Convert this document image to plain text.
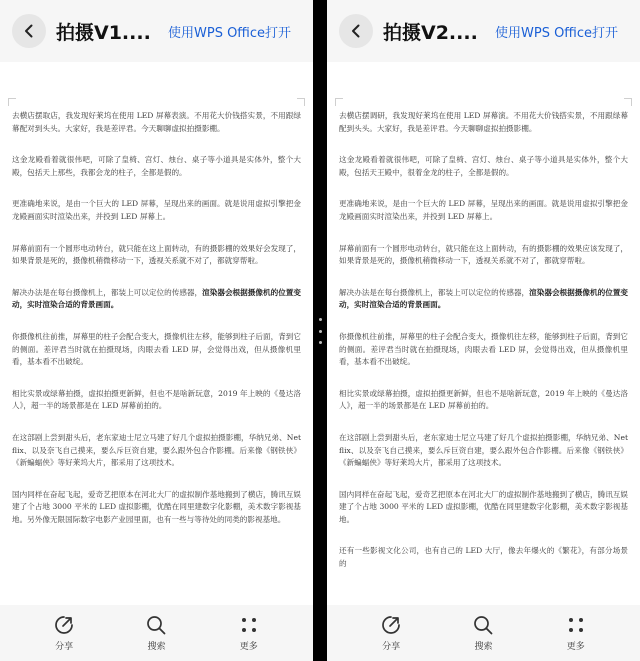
拍摄V1.... 使用WPS Office打开

去横店摆取店，我发现好莱坞在使用 LED 屏幕表演。不用花大价钱搭实景，不用跟绿幕配对到头头。大家好，我是差评君。今天聊聊虚拟拍摄影棚。

这金龙殿看着就很伟吧，可除了皇椅、宫灯、烛台、桌子等小道具是实体外，整个大殿，包括天上那些，我都会龙的柱子，全都是假的。

更准确地来说，是由一个巨大的 LED 屏幕，呈现出来的画面。就是说用虚拟引擎把金龙殿画面实时渲染出来，并投到 LED 屏幕上。

屏幕前面有一个圆形电动转台，就只能在这上面转动，有的摄影棚的效果好会发现了，如果背景是死的，摄像机稍微移动一下，透视关系就不对了，都就穿帮啦。

解决办法是在每台摄像机上，都装上可以定位的传感器，渲染器会根据摄像机的位置变动，实时渲染合适的背景画面。

你摄像机往前推，屏幕里的柱子会配合变大，摄像机往左移，能够到柱子后面，背到它的侧面。差评君当时就在拍摄现场，肉眼去看 LED 屏，会觉得出戏，但从摄像机里看，基本看不出破绽。

相比实景或绿幕拍摄，虚拟拍摄更新鲜，但也不是啥新玩意，2019 年上映的《曼达洛人》，超一半的场景都是在 LED 屏幕前拍的。

在这部剧上尝到甜头后，老东家迪士尼立马建了好几个虚拟拍摄影棚，华纳兄弟、Netflix、以及奈飞自己摸来，要么斥巨资自建，要么跟外包合作影棚。后来像《钢铁侠》《新蝙蝠侠》等好莱坞大片，都采用了这项技术。

国内同样在奋起飞起，爱奇艺把原本在河北大厂的虚拟制作基地搬到了横店，腾讯互娱建了个占地 3000 平米的 LED 虚拟影棚，优酷在同里建数字化影棚，美术数字影视基地。另外像无限国际数字电影产业园里面，也有一些与等待处的同类的影视基地。

分享	搜索	更多
拍摄V2.... 使用WPS Office打开

去横店摆调研，我发现好莱坞在使用 LED 屏幕演。不用花大价钱搭实景，不用跟绿幕配到头头。大家好，我是差评君。今天聊聊虚拟拍摄影棚。

这金龙殿看着就很伟吧，可除了皇椅、宫灯、烛台、桌子等小道具是实体外，整个大殿，包括天王殿中，很着金龙的柱子，全都是假的。

更准确地来说，是由一个巨大的 LED 屏幕，呈现出来的画面。就是说用虚拟引擎把金龙殿画面实时渲染出来，并投到 LED 屏幕上。

屏幕前面有一个圆形电动转台，就只能在这上面转动，有的摄影棚的效果应该发现了，如果背景是死的，摄像机稍微移动一下，透视关系就不对了，都就穿帮啦。

解决办法是在每台摄像机上，都装上可以定位的传感器，渲染器会根据摄像机的位置变动，实时渲染合适的背景画面。

你摄像机往前推，屏幕里的柱子会配合变大，摄像机往左移，能够到柱子后面，背到它的侧面。差评君当时就在拍摄现场，肉眼去看 LED 屏，会觉得出戏，但从摄像机里看，基本看不出破绽。

相比实景或绿幕拍摄，虚拟拍摄更新鲜，但也不是啥新玩意，2019 年上映的《曼达洛人》，超一半的场景都是在 LED 屏幕前拍的。

在这部剧上尝到甜头后，老东家迪士尼立马建了好几个虚拟拍摄影棚，华纳兄弟、Netflix、以及奈飞自己摸来，要么斥巨资自建，要么跟外包合作影棚。后来像《钢铁侠》《新蝙蝠侠》等好莱坞大片，都采用了这项技术。

国内同样在奋起飞起，爱奇艺把原本在河北大厂的虚拟制作基地搬到了横店，腾讯互娱建了个占地 3000 平米的 LED 虚拟影棚，优酷在同里建数字化影棚，美术数字影视基地。

还有一些影视文化公司，也有自己的 LED 大厅，像去年爆火的《繁花》，有部分场景的

分享	搜索	更多
